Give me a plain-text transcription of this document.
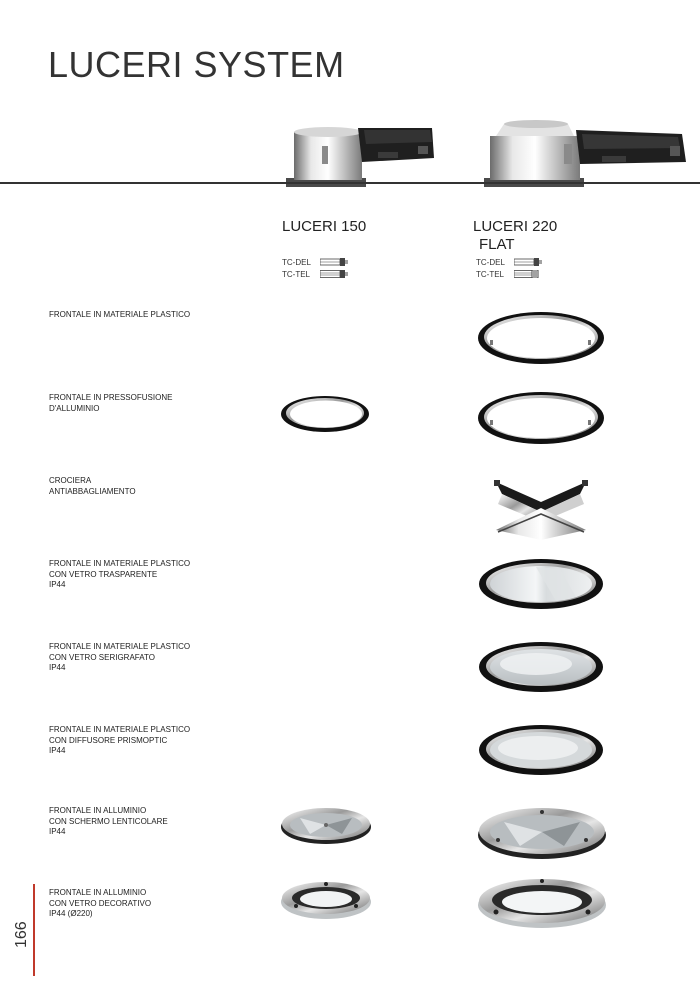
LUCERI SYSTEM
LUCERI 150	LUCERI 220
FLAT
TC-DEL
TC-TEL
TC-DEL
TC-TEL
FRONTALE IN MATERIALE PLASTICO
FRONTALE IN PRESSOFUSIONE
D'ALLUMINIO
CROCIERA
ANTIABBAGLIAMENTO
FRONTALE IN MATERIALE PLASTICO
CON VETRO TRASPARENTE
IP44
FRONTALE IN MATERIALE PLASTICO
CON VETRO SERIGRAFATO
IP44
FRONTALE IN MATERIALE PLASTICO
CON DIFFUSORE PRISMOPTIC
IP44
FRONTALE IN ALLUMINIO
CON SCHERMO LENTICOLARE
IP44
FRONTALE IN ALLUMINIO
CON VETRO DECORATIVO
IP44 (Ø220)
166
